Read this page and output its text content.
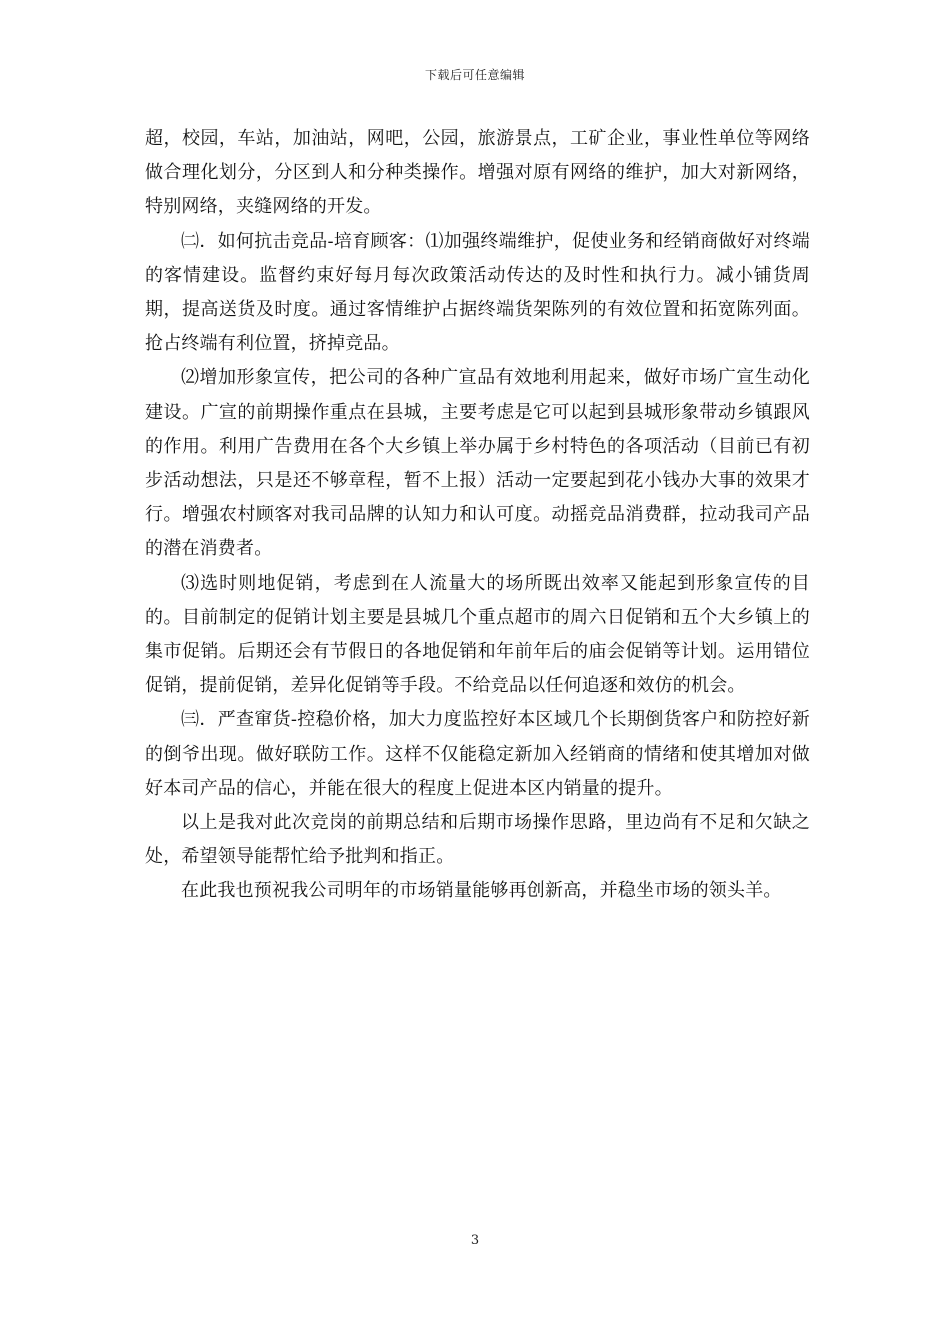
下载后可任意编辑

超，校园，车站，加油站，网吧，公园，旅游景点，工矿企业，事业性单位等网络做合理化划分，分区到人和分种类操作。增强对原有网络的维护，加大对新网络，特别网络，夹缝网络的开发。

㈡．如何抗击竞品-培育顾客：⑴加强终端维护，促使业务和经销商做好对终端的客情建设。监督约束好每月每次政策活动传达的及时性和执行力。减小铺货周期，提高送货及时度。通过客情维护占据终端货架陈列的有效位置和拓宽陈列面。抢占终端有利位置，挤掉竞品。

⑵增加形象宣传，把公司的各种广宣品有效地利用起来，做好市场广宣生动化建设。广宣的前期操作重点在县城，主要考虑是它可以起到县城形象带动乡镇跟风的作用。利用广告费用在各个大乡镇上举办属于乡村特色的各项活动（目前已有初步活动想法，只是还不够章程，暂不上报）活动一定要起到花小钱办大事的效果才行。增强农村顾客对我司品牌的认知力和认可度。动摇竞品消费群，拉动我司产品的潜在消费者。

⑶选时则地促销，考虑到在人流量大的场所既出效率又能起到形象宣传的目的。目前制定的促销计划主要是县城几个重点超市的周六日促销和五个大乡镇上的集市促销。后期还会有节假日的各地促销和年前年后的庙会促销等计划。运用错位促销，提前促销，差异化促销等手段。不给竞品以任何追逐和效仿的机会。

㈢．严查窜货-控稳价格，加大力度监控好本区域几个长期倒货客户和防控好新的倒爷出现。做好联防工作。这样不仅能稳定新加入经销商的情绪和使其增加对做好本司产品的信心，并能在很大的程度上促进本区内销量的提升。

以上是我对此次竞岗的前期总结和后期市场操作思路，里边尚有不足和欠缺之处，希望领导能帮忙给予批判和指正。

在此我也预祝我公司明年的市场销量能够再创新高，并稳坐市场的领头羊。

3
